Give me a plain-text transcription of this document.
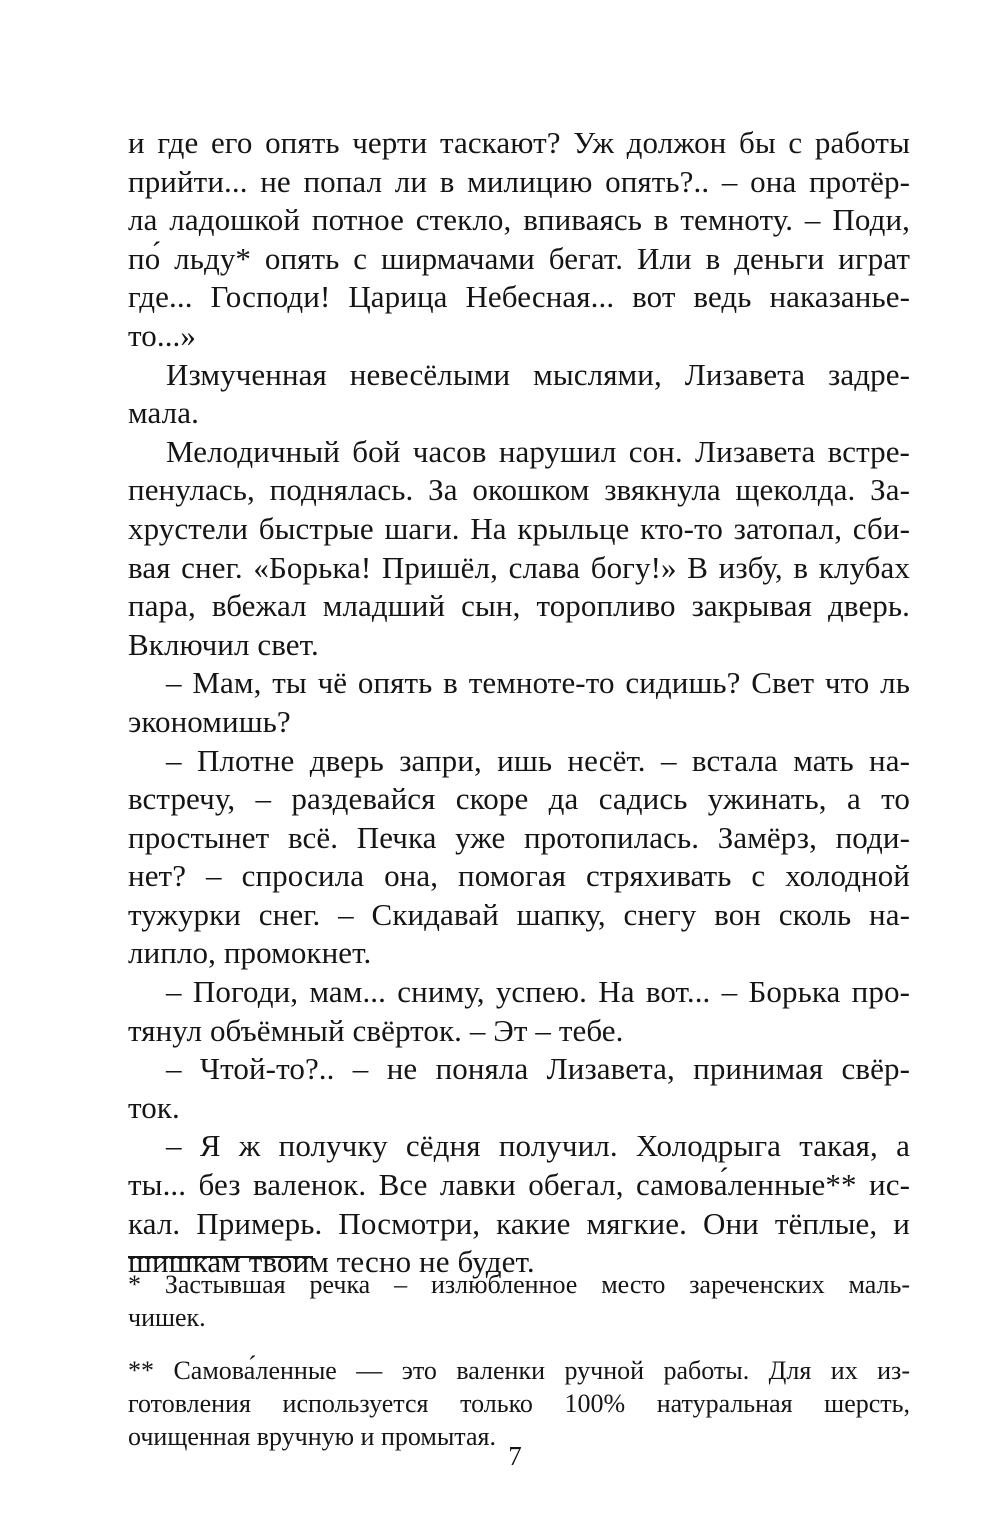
и где его опять черти таскают? Уж должон бы с работы
прийти... не попал ли в милицию опять?.. – она протёр-
ла ладошкой потное стекло, впиваясь в темноту. – Поди,
по́ льду* опять с ширмачами бегат. Или в деньги играт
где... Господи! Царица Небесная... вот ведь наказанье-
то...»
Измученная невесёлыми мыслями, Лизавета задре-
мала.
Мелодичный бой часов нарушил сон. Лизавета встре-
пенулась, поднялась. За окошком звякнула щеколда. За-
хрустели быстрые шаги. На крыльце кто-то затопал, сби-
вая снег. «Борька! Пришёл, слава богу!» В избу, в клубах
пара, вбежал младший сын, торопливо закрывая дверь.
Включил свет.
– Мам, ты чё опять в темноте-то сидишь? Свет что ль
экономишь?
– Плотне дверь запри, ишь несёт. – встала мать на-
встречу, – раздевайся скоре да садись ужинать, а то
простынет всё. Печка уже протопилась. Замёрз, поди-
нет? – спросила она, помогая стряхивать с холодной
тужурки снег. – Скидавай шапку, снегу вон сколь на-
липло, промокнет.
– Погоди, мам... сниму, успею. На вот... – Борька про-
тянул объёмный свёрток. – Эт – тебе.
– Чтой-то?.. – не поняла Лизавета, принимая свёр-
ток.
– Я ж получку сёдня получил. Холодрыга такая, а
ты... без валенок. Все лавки обегал, самова́ленные** ис-
кал. Примерь. Посмотри, какие мягкие. Они тёплые, и
шишкам твоим тесно не будет.
* Застывшая речка – излюбленное место зареченских маль-
чишек.
** Самова́ленные — это валенки ручной работы. Для их из-
готовления используется только 100% натуральная шерсть,
очищенная вручную и промытая.
7
